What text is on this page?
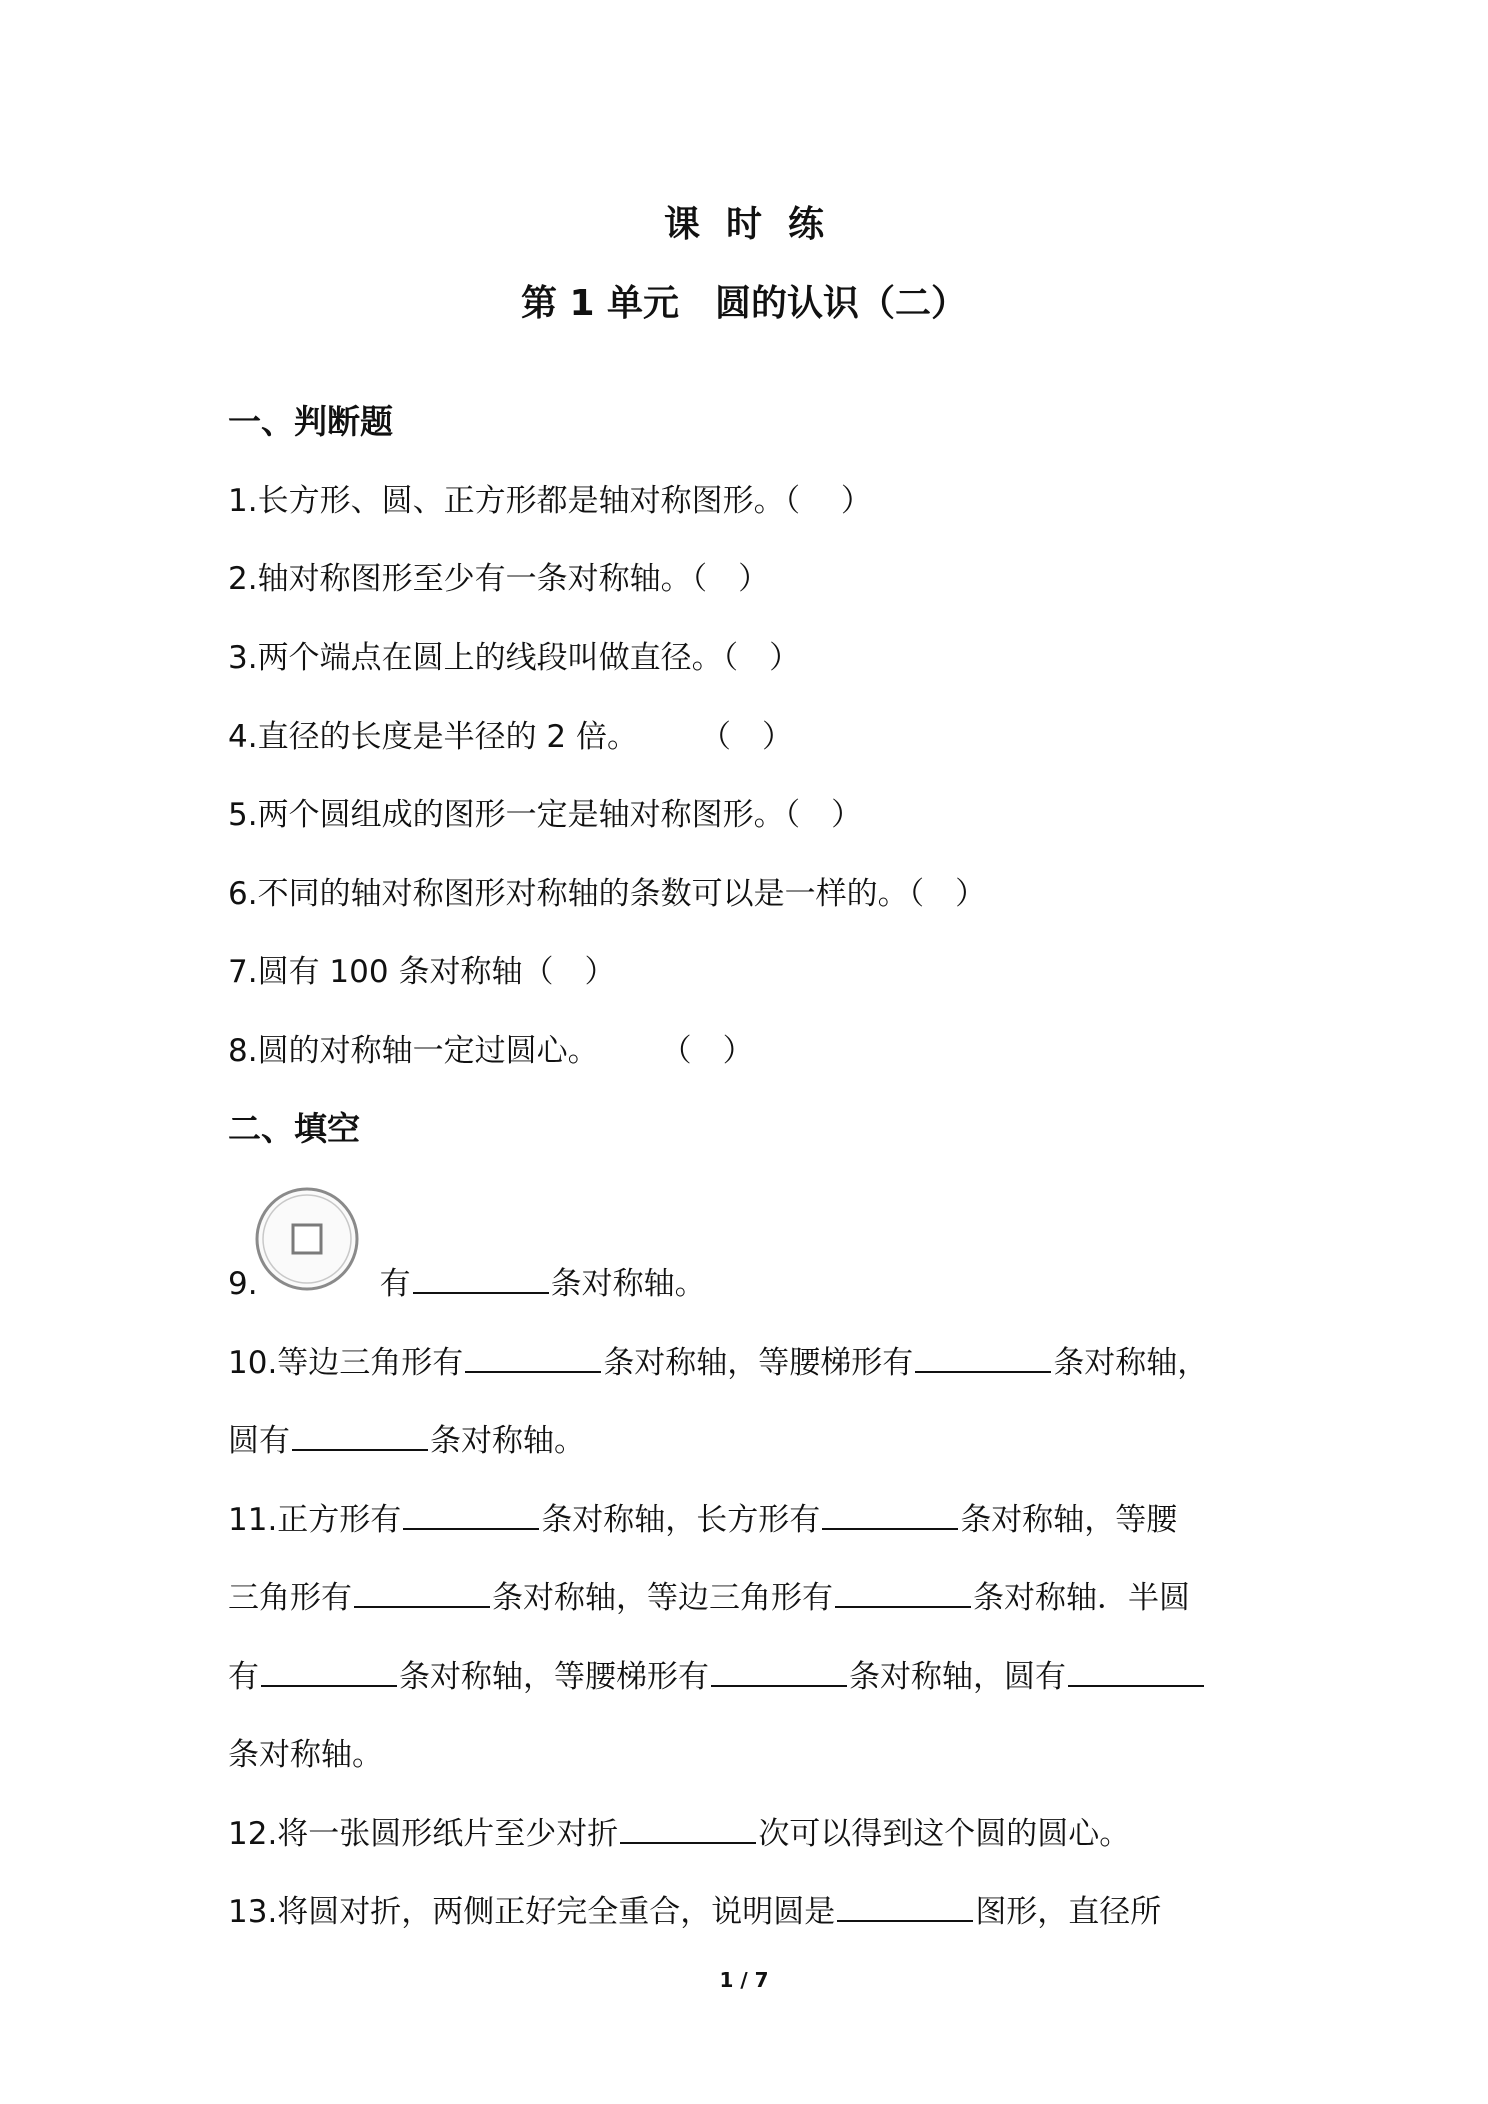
课时练
第 1 单元　圆的认识（二）
一、判断题
1.长方形、圆、正方形都是轴对称图形。（　 ）
2.轴对称图形至少有一条对称轴。（　）
3.两个端点在圆上的线段叫做直径。（　）
4.直径的长度是半径的 2 倍。　　　（　）
5.两个圆组成的图形一定是轴对称图形。（　）
6.不同的轴对称图形对称轴的条数可以是一样的。（　）
7.圆有 100 条对称轴（　）
8.圆的对称轴一定过圆心。　　　（　）
二、填空
9.	有	条对称轴。
10.等边三角形有	条对称轴，等腰梯形有	条对称轴，
圆有	条对称轴。
11.正方形有	条对称轴，长方形有	条对称轴，等腰
三角形有	条对称轴，等边三角形有	条对称轴．半圆
有	条对称轴，等腰梯形有	条对称轴，圆有
条对称轴。
12.将一张圆形纸片至少对折	次可以得到这个圆的圆心。
13.将圆对折，两侧正好完全重合，说明圆是	图形，直径所
1 / 7
